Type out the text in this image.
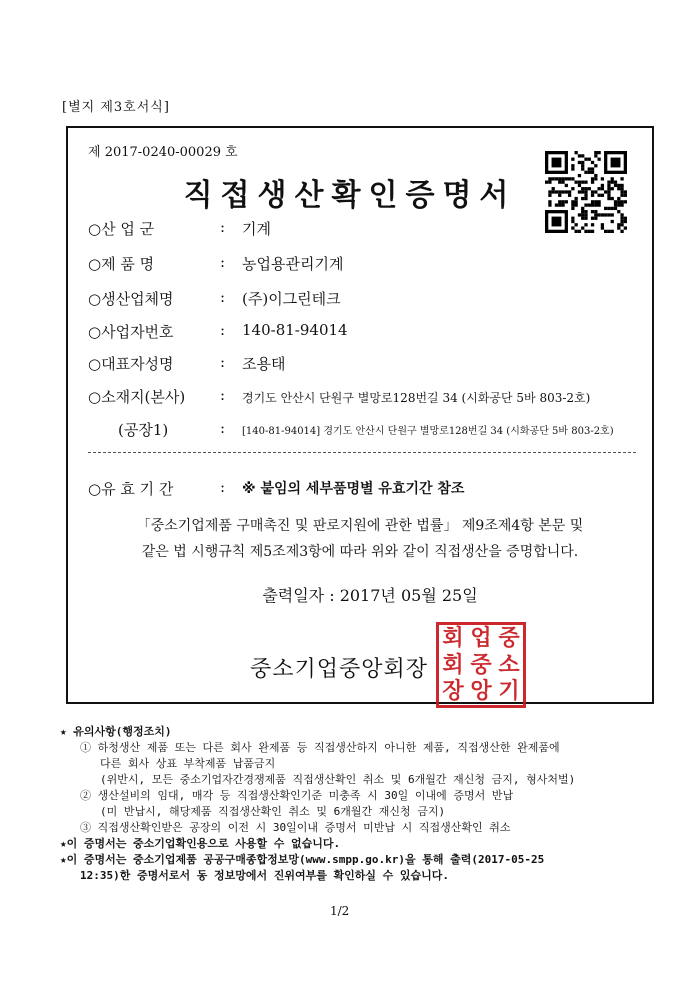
[별지 제3호서식]
제 2017-0240-00029 호
직접생산확인증명서
○산 업 군	: 기계
○제 품 명	: 농업용관리기계
○생산업체명	: (주)이그린테크
○사업자번호	: 140-81-94014
○대표자성명	: 조용태
○소재지(본사)	: 경기도 안산시 단원구 별망로128번길 34 (시화공단 5바 803-2호)
(공장1)	: [140-81-94014] 경기도 안산시 단원구 별망로128번길 34 (시화공단 5바 803-2호)
○유 효 기 간	: ※ 붙임의 세부품명별 유효기간 참조
「중소기업제품 구매촉진 및 판로지원에 관한 법률」 제9조제4항 본문 및
같은 법 시행규칙 제5조제3항에 따라 위와 같이 직접생산을 증명합니다.
출력일자 : 2017년 05월 25일
중소기업중앙회장
회 업 중
회 중 소
장 앙 기
★ 유의사항(행정조치)
① 하청생산 제품 또는 다른 회사 완제품 등 직접생산하지 아니한 제품, 직접생산한 완제품에
다른 회사 상표 부착제품 납품금지
(위반시, 모든 중소기업자간경쟁제품 직접생산확인 취소 및 6개월간 재신청 금지, 형사처벌)
② 생산설비의 임대, 매각 등 직접생산확인기준 미충족 시 30일 이내에 증명서 반납
(미 반납시, 해당제품 직접생산확인 취소 및 6개월간 재신청 금지)
③ 직접생산확인받은 공장의 이전 시 30일이내 증명서 미반납 시 직접생산확인 취소
★이 증명서는 중소기업확인용으로 사용할 수 없습니다.
★이 증명서는 중소기업제품 공공구매종합정보망(www.smpp.go.kr)을 통해 출력(2017-05-25
12:35)한 증명서로서 동 정보망에서 진위여부를 확인하실 수 있습니다.
1/2
